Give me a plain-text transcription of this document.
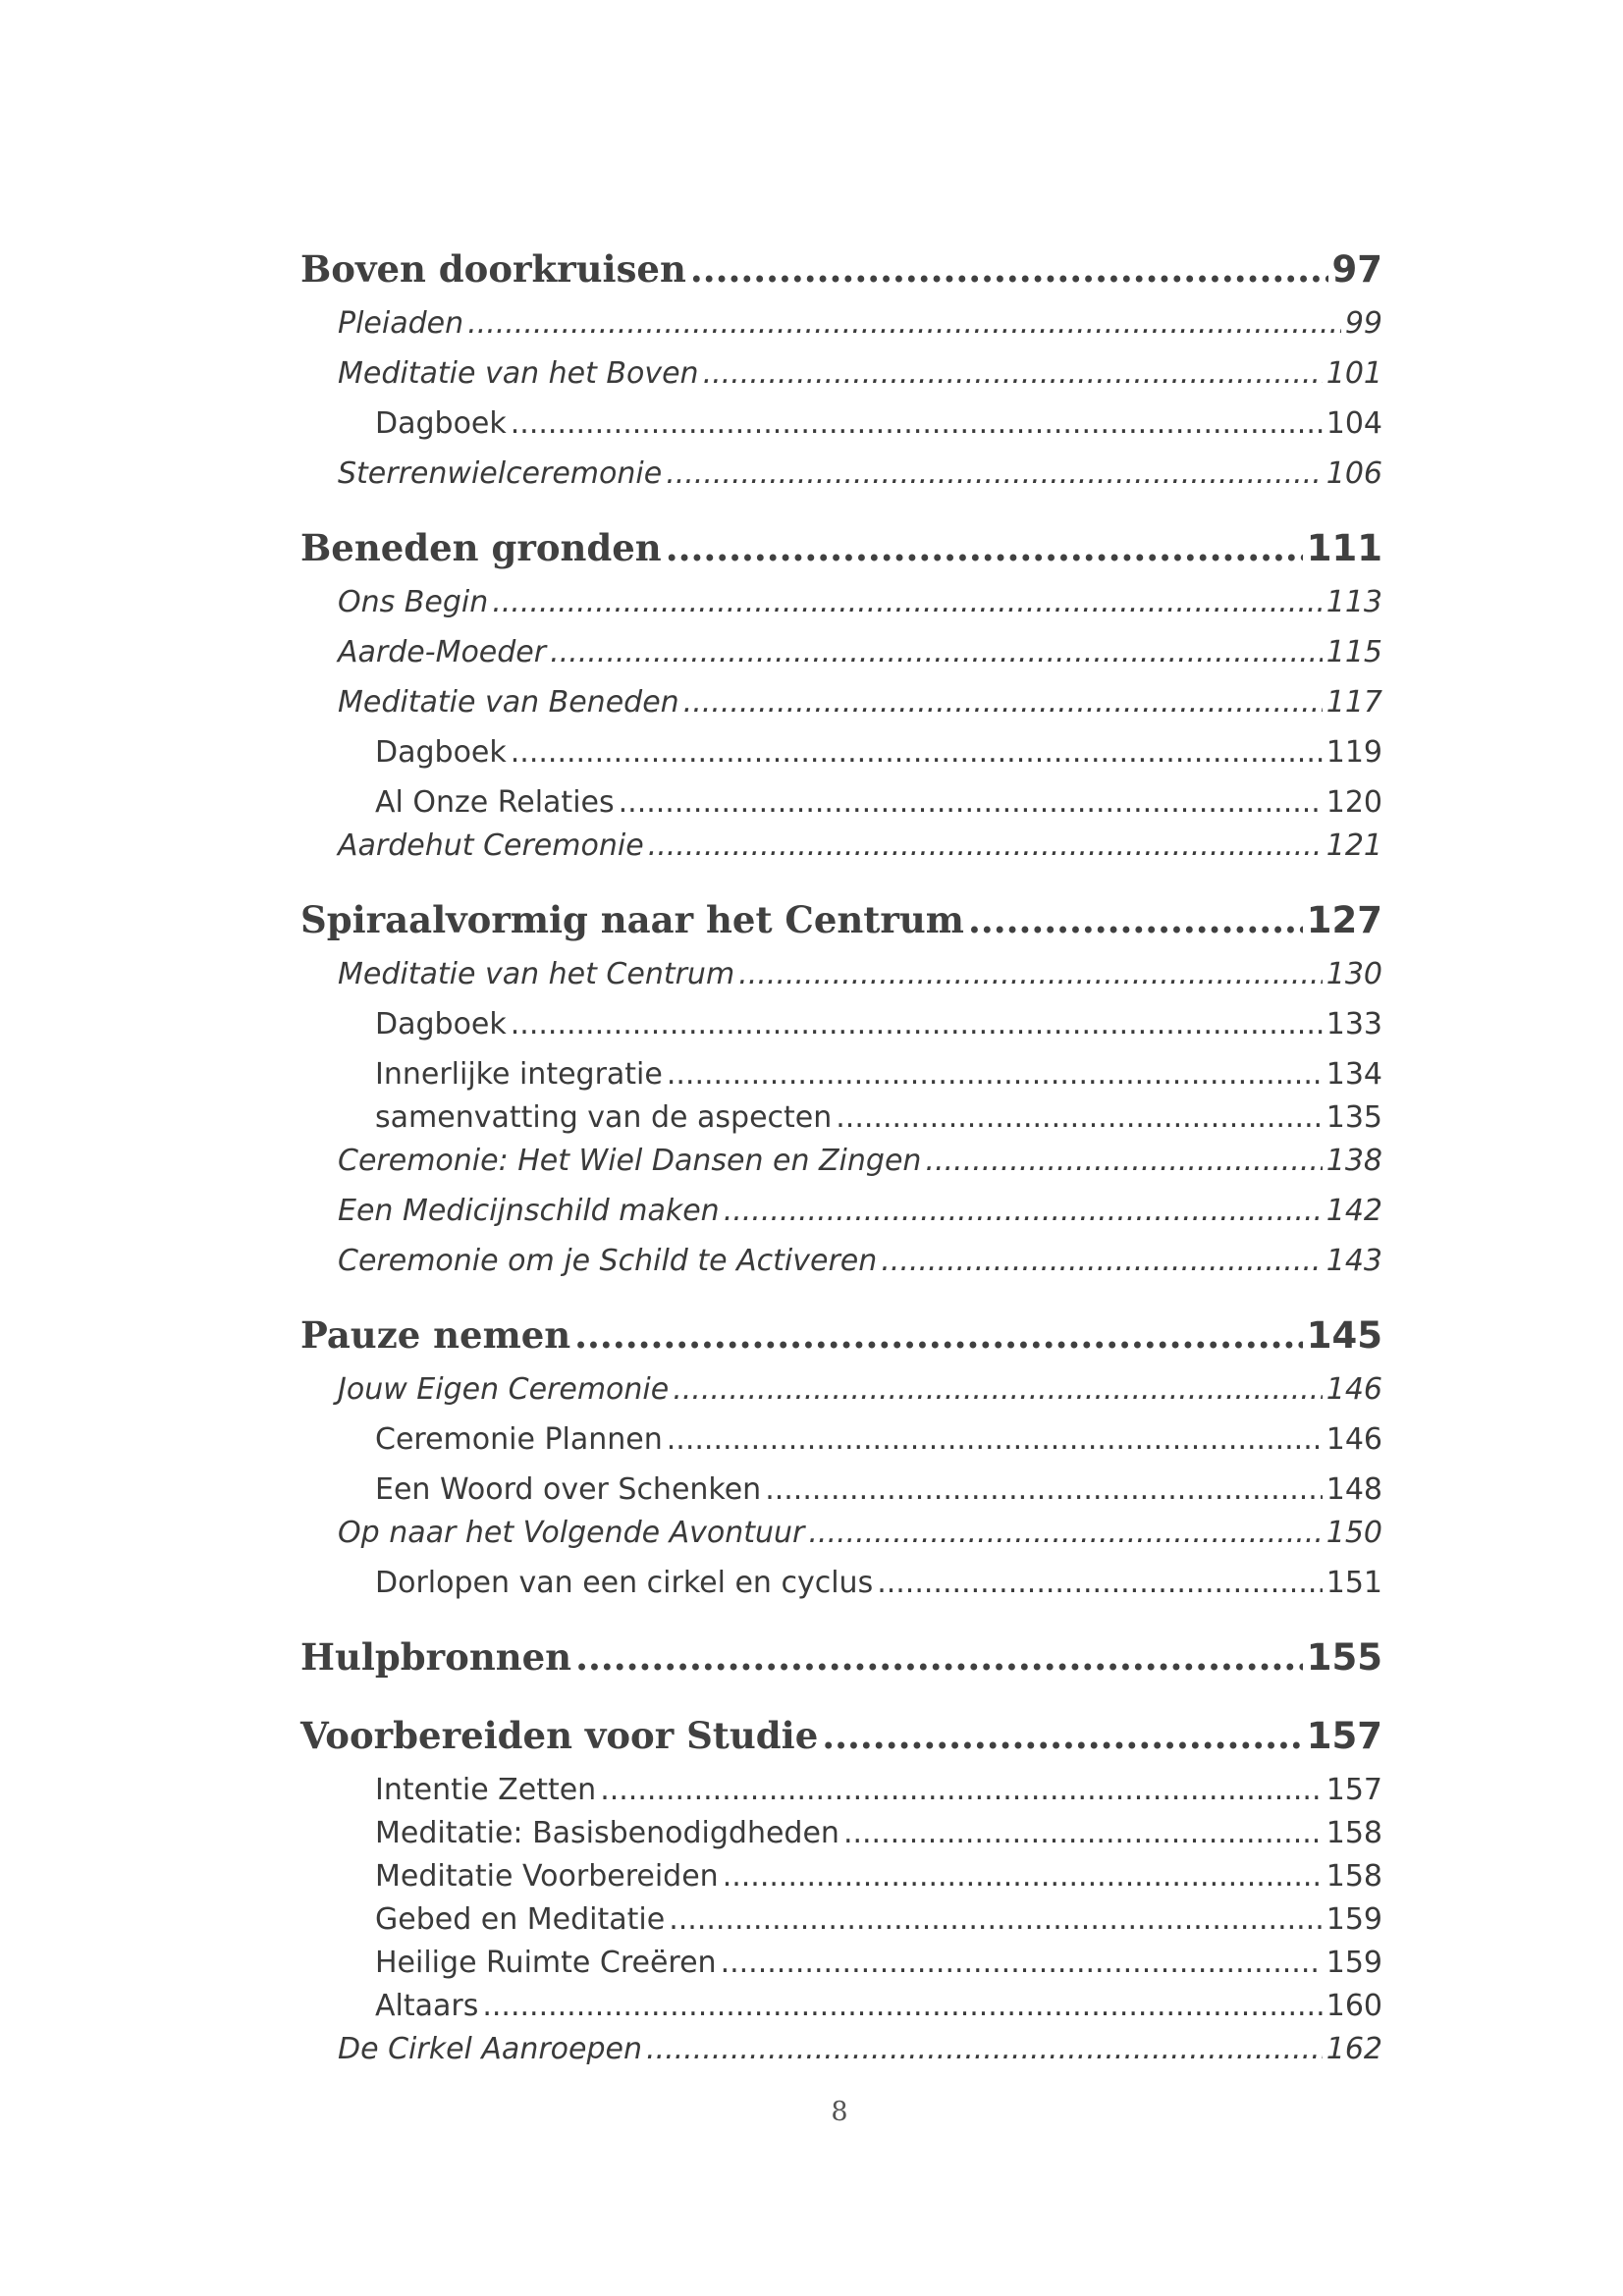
Boven doorkruisen .....	97
Pleiaden .....	99
Meditatie van het Boven .....	101
Dagboek .....	104
Sterrenwielceremonie .....	106
Beneden gronden .....	111
Ons Begin .....	113
Aarde-Moeder .....	115
Meditatie van Beneden .....	117
Dagboek .....	119
Al Onze Relaties .....	120
Aardehut Ceremonie .....	121
Spiraalvormig naar het Centrum .....	127
Meditatie van het Centrum .....	130
Dagboek .....	133
Innerlijke integratie .....	134
samenvatting van de aspecten .....	135
Ceremonie: Het Wiel Dansen en Zingen .....	138
Een Medicijnschild maken .....	142
Ceremonie om je Schild te Activeren .....	143
Pauze nemen .....	145
Jouw Eigen Ceremonie .....	146
Ceremonie Plannen .....	146
Een Woord over Schenken .....	148
Op naar het Volgende Avontuur .....	150
Dorlopen van een cirkel en cyclus .....	151
Hulpbronnen .....	155
Voorbereiden voor Studie .....	157
Intentie Zetten .....	157
Meditatie: Basisbenodigdheden .....	158
Meditatie Voorbereiden .....	158
Gebed en Meditatie .....	159
Heilige Ruimte Creëren .....	159
Altaars .....	160
De Cirkel Aanroepen .....	162
8
